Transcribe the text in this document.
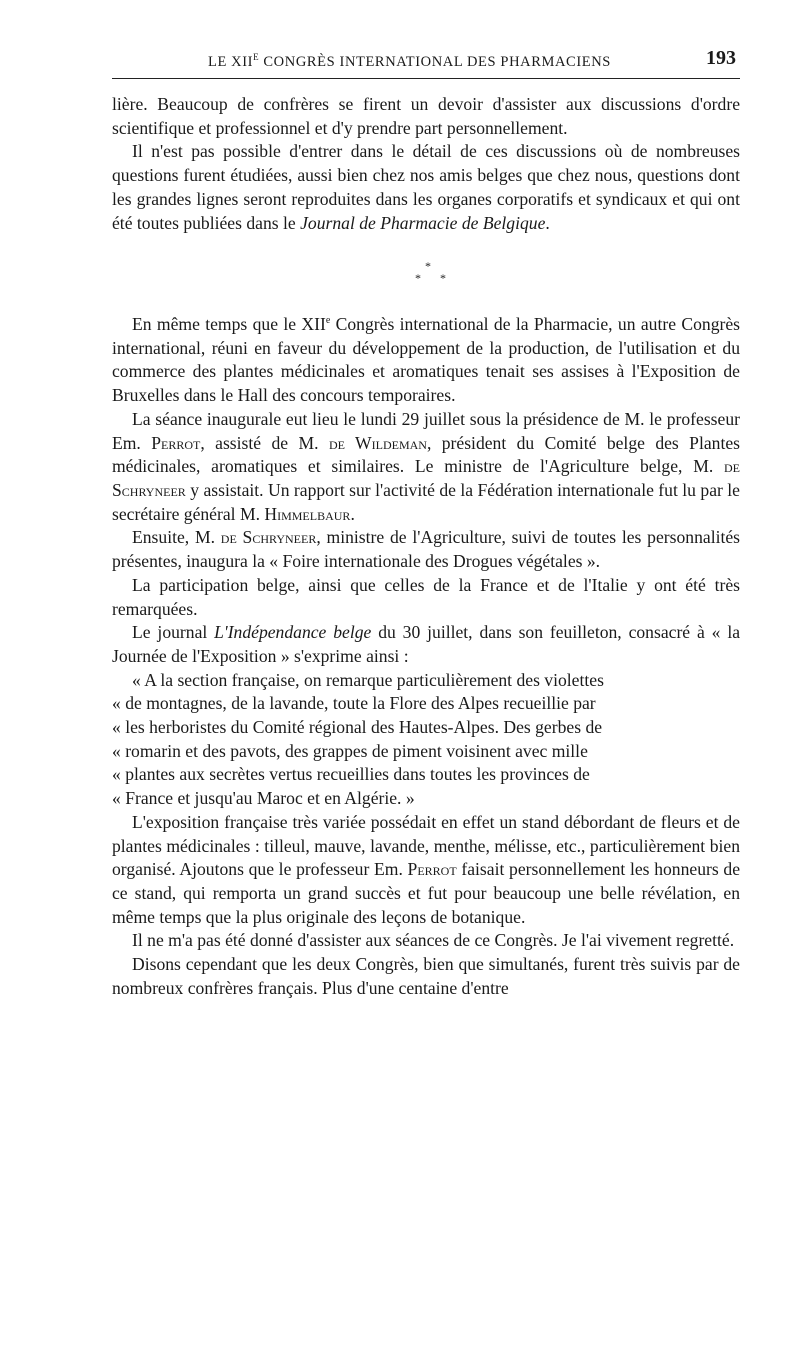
LE $XII^E$ CONGRÈS INTERNATIONAL DES PHARMACIENS	193

lière. Beaucoup de confrères se firent un devoir d'assister aux discussions d'ordre scientifique et professionnel et d'y prendre part personnellement.

Il n'est pas possible d'entrer dans le détail de ces discussions où de nombreuses questions furent étudiées, aussi bien chez nos amis belges que chez nous, questions dont les grandes lignes seront reproduites dans les organes corporatifs et syndicaux et qui ont été toutes publiées dans le Journal de Pharmacie de Belgique.

*
* *

En même temps que le XIIe Congrès international de la Pharmacie, un autre Congrès international, réuni en faveur du développement de la production, de l'utilisation et du commerce des plantes médicinales et aromatiques tenait ses assises à l'Exposition de Bruxelles dans le Hall des concours temporaires.

La séance inaugurale eut lieu le lundi 29 juillet sous la présidence de M. le professeur Em. Perrot, assisté de M. de Wildeman, président du Comité belge des Plantes médicinales, aromatiques et similaires. Le ministre de l'Agriculture belge, M. de Schryneer y assistait. Un rapport sur l'activité de la Fédération internationale fut lu par le secrétaire général M. Himmelbaur.

Ensuite, M. de Schryneer, ministre de l'Agriculture, suivi de toutes les personnalités présentes, inaugura la « Foire internationale des Drogues végétales ».

La participation belge, ainsi que celles de la France et de l'Italie y ont été très remarquées.

Le journal L'Indépendance belge du 30 juillet, dans son feuilleton, consacré à « la Journée de l'Exposition » s'exprime ainsi :

« A la section française, on remarque particulièrement des violettes

« de montagnes, de la lavande, toute la Flore des Alpes recueillie par

« les herboristes du Comité régional des Hautes-Alpes. Des gerbes de

« romarin et des pavots, des grappes de piment voisinent avec mille

« plantes aux secrètes vertus recueillies dans toutes les provinces de

« France et jusqu'au Maroc et en Algérie. »

L'exposition française très variée possédait en effet un stand débordant de fleurs et de plantes médicinales : tilleul, mauve, lavande, menthe, mélisse, etc., particulièrement bien organisé. Ajoutons que le professeur Em. Perrot faisait personnellement les honneurs de ce stand, qui remporta un grand succès et fut pour beaucoup une belle révélation, en même temps que la plus originale des leçons de botanique.

Il ne m'a pas été donné d'assister aux séances de ce Congrès. Je l'ai vivement regretté.

Disons cependant que les deux Congrès, bien que simultanés, furent très suivis par de nombreux confrères français. Plus d'une centaine d'entre
